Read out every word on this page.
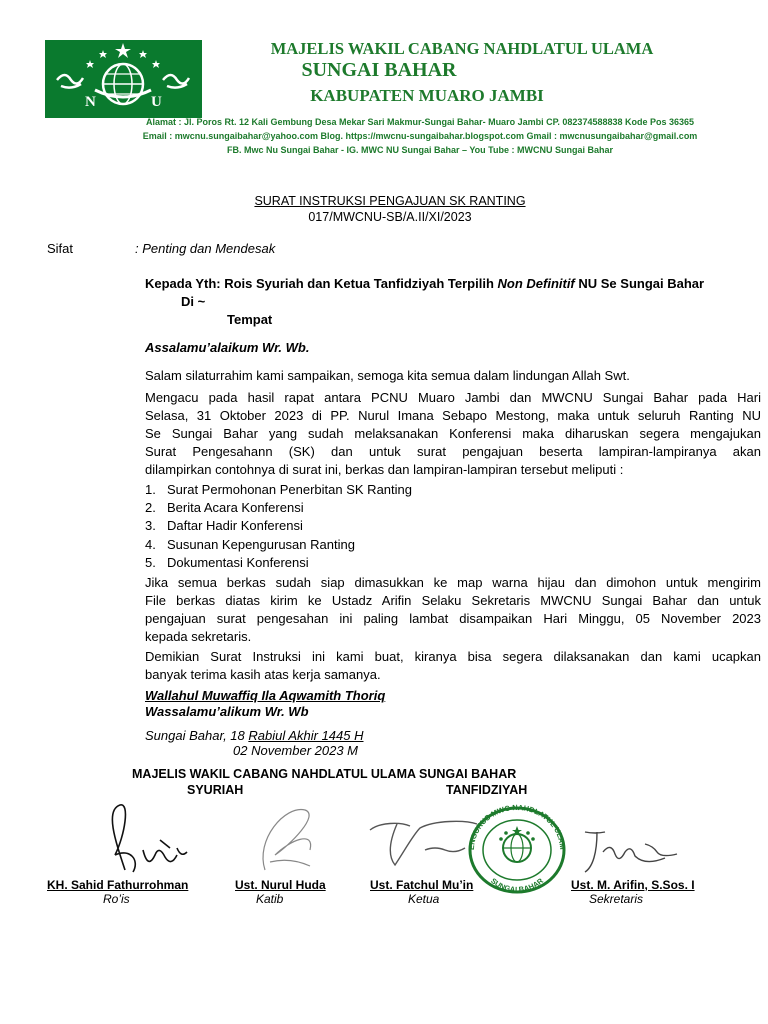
N	U
MAJELIS WAKIL CABANG NAHDLATUL ULAMA
SUNGAI BAHAR
KABUPATEN MUARO JAMBI
Alamat : Jl. Poros Rt. 12 Kali Gembung Desa Mekar Sari Makmur-Sungai Bahar- Muaro Jambi CP. 082374588838 Kode Pos 36365
Email : mwcnu.sungaibahar@yahoo.com Blog. https://mwcnu-sungaibahar.blogspot.com Gmail : mwcnusungaibahar@gmail.com
FB. Mwc Nu Sungai Bahar - IG. MWC NU Sungai Bahar – You Tube : MWCNU Sungai Bahar
SURAT INSTRUKSI PENGAJUAN SK RANTING
017/MWCNU-SB/A.II/XI/2023
Sifat	: Penting dan Mendesak
Kepada Yth: Rois Syuriah dan Ketua Tanfidziyah Terpilih Non Definitif NU Se Sungai Bahar
Di ~
Tempat
Assalamu’alaikum Wr. Wb.
Salam silaturrahim kami sampaikan, semoga kita semua dalam lindungan Allah Swt.
Mengacu pada hasil rapat antara PCNU Muaro Jambi dan MWCNU Sungai Bahar pada Hari
Selasa, 31 Oktober 2023 di PP. Nurul Imana Sebapo Mestong, maka untuk seluruh Ranting NU
Se Sungai Bahar yang sudah melaksanakan Konferensi maka diharuskan segera mengajukan
Surat Pengesahann (SK) dan untuk surat pengajuan beserta lampiran-lampiranya akan
dilampirkan contohnya di surat ini, berkas dan lampiran-lampiran tersebut meliputi :
1. Surat Permohonan Penerbitan SK Ranting
2. Berita Acara Konferensi
3. Daftar Hadir Konferensi
4. Susunan Kepengurusan Ranting
5. Dokumentasi Konferensi
Jika semua berkas sudah siap dimasukkan ke map warna hijau dan dimohon untuk mengirim
File berkas diatas kirim ke Ustadz Arifin Selaku Sekretaris MWCNU Sungai Bahar dan untuk
pengajuan surat pengesahan ini paling lambat disampaikan Hari Minggu, 05 November 2023
kepada sekretaris.
Demikian Surat Instruksi ini kami buat, kiranya bisa segera dilaksanakan dan kami ucapkan
banyak terima kasih atas kerja samanya.
Wallahul Muwaffiq Ila Aqwamith Thoriq
Wassalamu’alikum Wr. Wb
Sungai Bahar, 18 Rabiul Akhir 1445 H
02 November 2023 M
MAJELIS WAKIL CABANG NAHDLATUL ULAMA SUNGAI BAHAR
SYURIAH	TANFIDZIYAH
PENGURUS MWC NAHDLATUL ULAMA
SUNGAI BAHAR
KH. Sahid Fathurrohman
Ro’is
Ust. Nurul Huda
Katib
Ust. Fatchul Mu’in
Ketua
Ust. M. Arifin, S.Sos. I
Sekretaris
